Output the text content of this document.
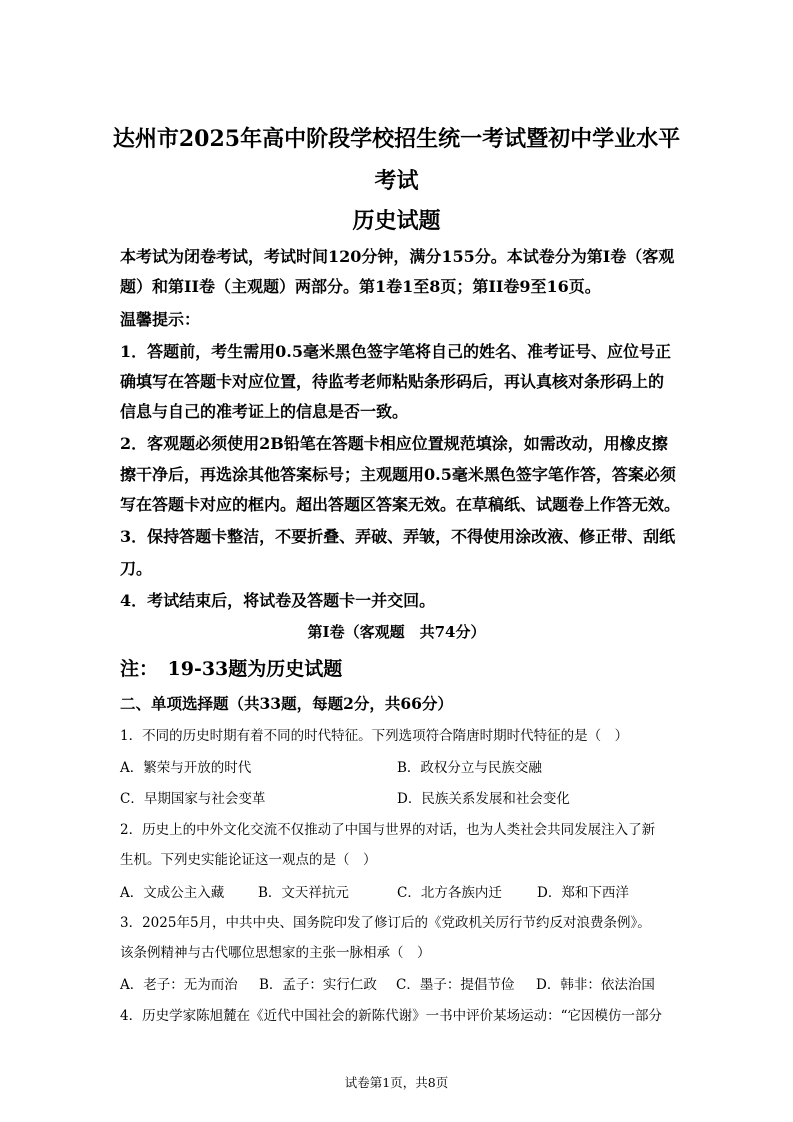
达州市2025年高中阶段学校招生统一考试暨初中学业水平
考试
历史试题
本考试为闭卷考试，考试时间120分钟，满分155分。本试卷分为第I卷（客观
题）和第II卷（主观题）两部分。第1卷1至8页；第II卷9至16页。
温馨提示：
1．答题前，考生需用0.5毫米黑色签字笔将自己的姓名、准考证号、应位号正
确填写在答题卡对应位置，待监考老师粘贴条形码后，再认真核对条形码上的
信息与自己的准考证上的信息是否一致。
2．客观题必须使用2B铅笔在答题卡相应位置规范填涂，如需改动，用橡皮擦
擦干净后，再选涂其他答案标号；主观题用0.5毫米黑色签字笔作答，答案必须
写在答题卡对应的框内。超出答题区答案无效。在草稿纸、试题卷上作答无效。
3．保持答题卡整洁，不要折叠、弄破、弄皱，不得使用涂改液、修正带、刮纸
刀。
4．考试结束后，将试卷及答题卡一并交回。
第I卷（客观题　共74分）
注：　19-33题为历史试题
二、单项选择题（共33题，每题2分，共66分）
1．不同的历史时期有着不同的时代特征。下列选项符合隋唐时期时代特征的是（　）
A．繁荣与开放的时代	B．政权分立与民族交融
C．早期国家与社会变革	D．民族关系发展和社会变化
2．历史上的中外文化交流不仅推动了中国与世界的对话，也为人类社会共同发展注入了新
生机。下列史实能论证这一观点的是（　）
A．文成公主入藏	B．文天祥抗元	C．北方各族内迁	D．郑和下西洋
3．2025年5月，中共中央、国务院印发了修订后的《党政机关厉行节约反对浪费条例》。
该条例精神与古代哪位思想家的主张一脉相承（　）
A．老子：无为而治 B．孟子：实行仁政 C．墨子：提倡节俭 D．韩非：依法治国
4．历史学家陈旭麓在《近代中国社会的新陈代谢》一书中评价某场运动：“它因模仿一部分
试卷第1页，共8页
